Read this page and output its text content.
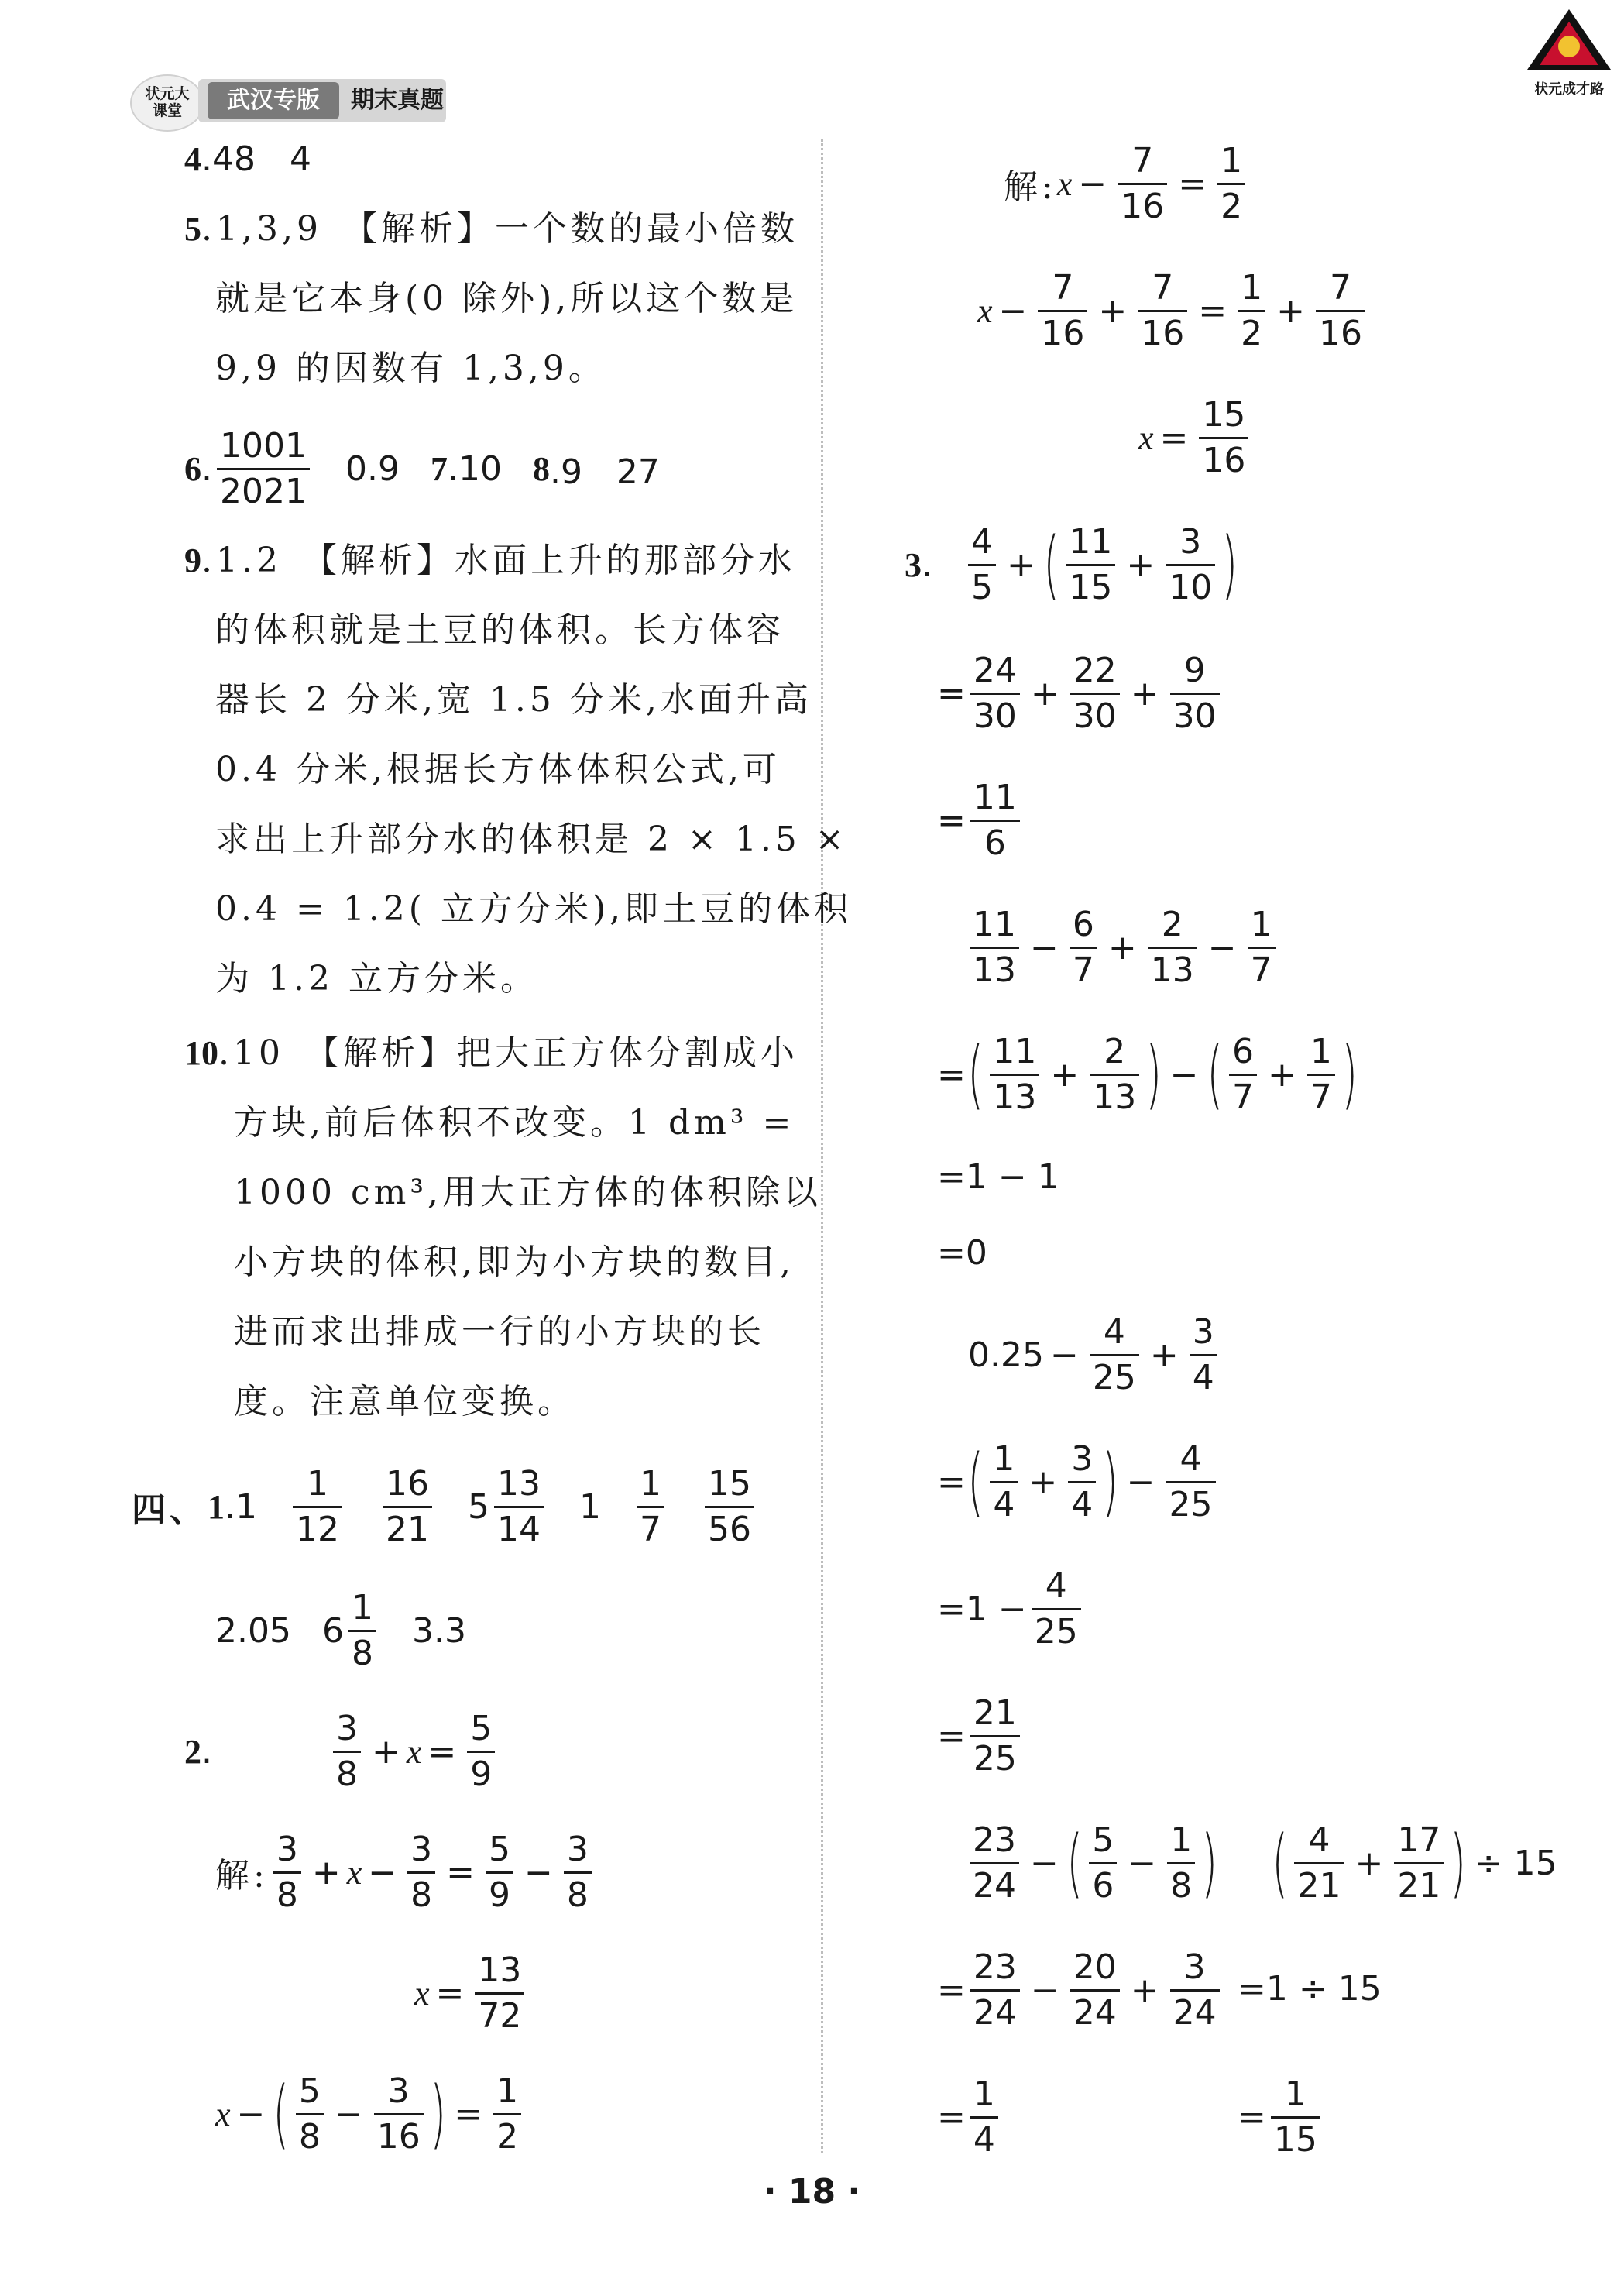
状元大课堂	武汉专版	期末真题	状元成才路
4.48　4
5.1,3,9　【解析】一个数的最小倍数
就是它本身(0 除外),所以这个数是
9,9 的因数有 1,3,9。
6 . $\frac{1001}{2021} 0.9$ 7 .10 8 .9　27
9.1.2　【解析】水面上升的那部分水
的体积就是土豆的体积。长方体容
器长 2 分米,宽 1.5 分米,水面升高
0.4 分米,根据长方体体积公式,可
求出上升部分水的体积是 2 × 1.5 ×
0.4 = 1.2( 立方分米),即土豆的体积
为 1.2 立方分米。
10.10　【解析】把大正方体分割成小
方块,前后体积不改变。1 dm³ =
1000 cm³,用大正方体的体积除以
小方块的体积,即为小方块的数目,
进而求出排成一行的小方块的长
度。注意单位变换。
四、 1 $.1 \frac{1}{12} \frac{16}{21} 5 \frac{13}{14} 1 \frac{1}{7} \frac{15}{56}$
2.05 $6 \frac{1}{8} 3.3$
2 .	$\frac{3}{8} + x = \frac{5}{9}$
解: $\frac{3}{8} + x - \frac{3}{8} = \frac{5}{9} - \frac{3}{8}$
$x = \frac{13}{72}$
x − ( $\frac{5}{8} - \frac{3}{16}$ ) = $\frac{1}{2}$
解: $x - \frac{7}{16} = \frac{1}{2}$
$x - \frac{7}{16} + \frac{7}{16} = \frac{1}{2} + \frac{7}{16}$
$x = \frac{15}{16}$
3 . $\frac{4}{5}$ + ( $\frac{11}{15} + \frac{3}{10}$ )
= $\frac{24}{30} + \frac{22}{30} + \frac{9}{30}$
= $\frac{11}{6}$
$\frac{11}{13} - \frac{6}{7} + \frac{2}{13} - \frac{1}{7}$
= ( $\frac{11}{13} + \frac{2}{13}$ ) − ( $\frac{6}{7} + \frac{1}{7}$ )
=1 − 1
=0
$0.25 - \frac{4}{25} + \frac{3}{4}$
= ( $\frac{1}{4} + \frac{3}{4}$ ) − $\frac{4}{25}$
$=1 - \frac{4}{25}$
= $\frac{21}{25}$
$\frac{23}{24}$ − ( $\frac{5}{6} - \frac{1}{8}$ ) ( $\frac{4}{21} + \frac{17}{21}$ ) ÷ 15
= $\frac{23}{24} - \frac{20}{24} + \frac{3}{24} =1 \div 15$
= $\frac{1}{4}$	= $\frac{1}{15}$
· 18 ·
